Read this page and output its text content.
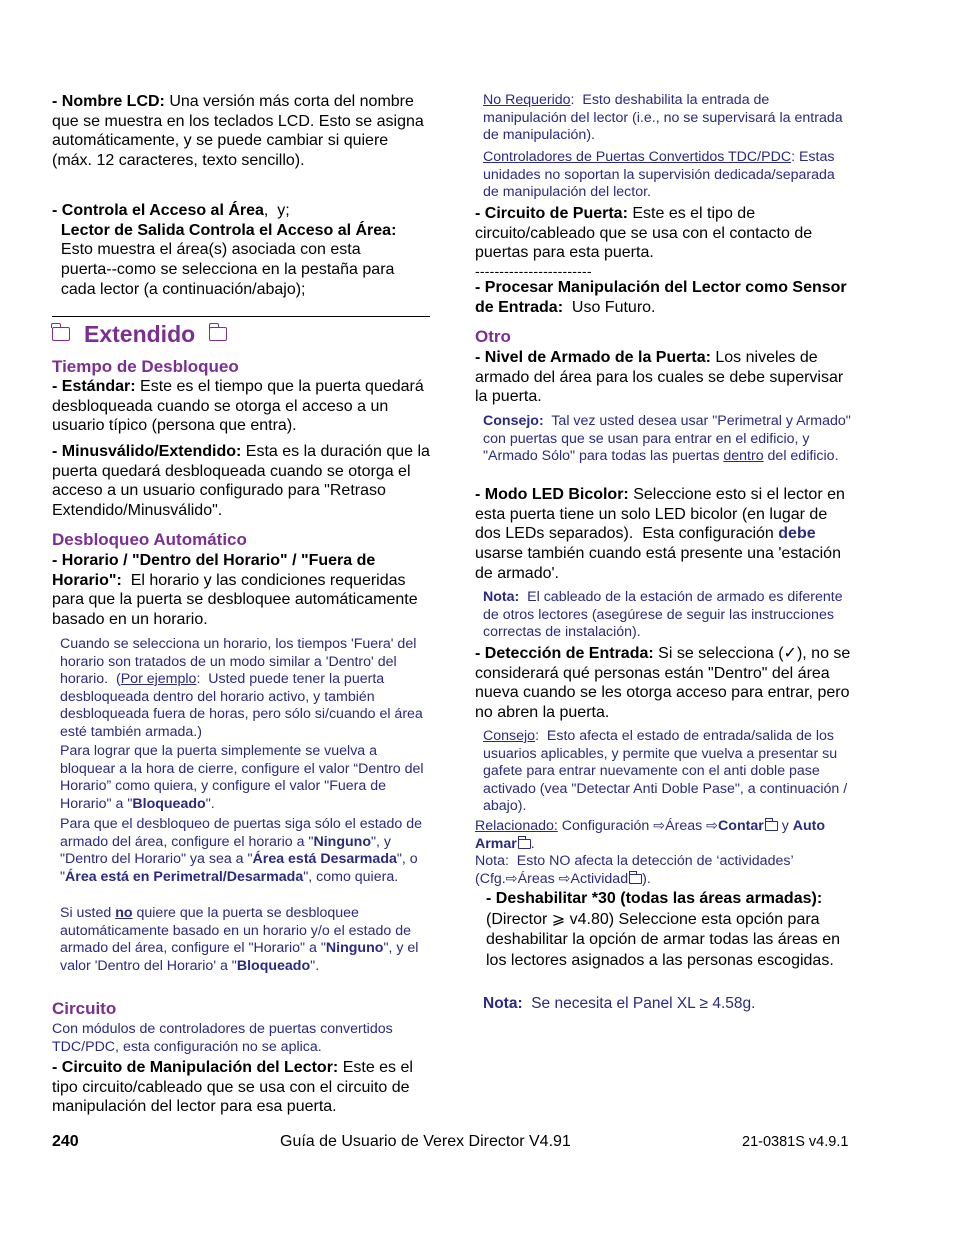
- Nombre LCD: Una versión más corta del nombre que se muestra en los teclados LCD. Esto se asigna automáticamente, y se puede cambiar si quiere (máx. 12 caracteres, texto sencillo).

- Controla el Acceso al Área,  y;
Lector de Salida Controla el Acceso al Área:
Esto muestra el área(s) asociada con esta
puerta--como se selecciona en la pestaña para
cada lector (a continuación/abajo);

Extendido

Tiempo de Desbloqueo

- Estándar: Este es el tiempo que la puerta quedará desbloqueada cuando se otorga el acceso a un usuario típico (persona que entra).

- Minusválido/Extendido: Esta es la duración que la puerta quedará desbloqueada cuando se otorga el acceso a un usuario configurado para "Retraso Extendido/Minusválido".

Desbloqueo Automático

- Horario / "Dentro del Horario" / "Fuera de Horario":  El horario y las condiciones requeridas para que la puerta se desbloquee automáticamente basado en un horario.

Cuando se selecciona un horario, los tiempos 'Fuera' del horario son tratados de un modo similar a 'Dentro' del horario.  (Por ejemplo:  Usted puede tener la puerta desbloqueada dentro del horario activo, y también desbloqueada fuera de horas, pero sólo si/cuando el área esté también armada.)

Para lograr que la puerta simplemente se vuelva a bloquear a la hora de cierre, configure el valor “Dentro del Horario” como quiera, y configure el valor "Fuera de Horario" a "Bloqueado".

Para que el desbloqueo de puertas siga sólo el estado de armado del área, configure el horario a "Ninguno", y "Dentro del Horario" ya sea a "Área está Desarmada", o "Área está en Perimetral/Desarmada", como quiera.

Si usted no quiere que la puerta se desbloquee automáticamente basado en un horario y/o el estado de armado del área, configure el "Horario" a "Ninguno", y el valor 'Dentro del Horario' a "Bloqueado".

Circuito

Con módulos de controladores de puertas convertidos TDC/PDC, esta configuración no se aplica.

- Circuito de Manipulación del Lector: Este es el tipo circuito/cableado que se usa con el circuito de manipulación del lector para esa puerta.

No Requerido:  Esto deshabilita la entrada de manipulación del lector (i.e., no se supervisará la entrada de manipulación).

Controladores de Puertas Convertidos TDC/PDC: Estas unidades no soportan la supervisión dedicada/separada de manipulación del lector.

- Circuito de Puerta: Este es el tipo de circuito/cableado que se usa con el contacto de puertas para esta puerta.

------------------------

- Procesar Manipulación del Lector como Sensor de Entrada:  Uso Futuro.

Otro

- Nivel de Armado de la Puerta: Los niveles de armado del área para los cuales se debe supervisar la puerta.

Consejo:  Tal vez usted desea usar "Perimetral y Armado" con puertas que se usan para entrar en el edificio, y "Armado Sólo" para todas las puertas dentro del edificio.

- Modo LED Bicolor: Seleccione esto si el lector en esta puerta tiene un solo LED bicolor (en lugar de dos LEDs separados).  Esta configuración debe usarse también cuando está presente una 'estación de armado'.

Nota:  El cableado de la estación de armado es diferente de otros lectores (asegúrese de seguir las instrucciones correctas de instalación).

- Detección de Entrada: Si se selecciona (✓), no se considerará qué personas están "Dentro" del área nueva cuando se les otorga acceso para entrar, pero no abren la puerta.

Consejo:  Esto afecta el estado de entrada/salida de los usuarios aplicables, y permite que vuelva a presentar su gafete para entrar nuevamente con el anti doble pase activado (vea "Detectar Anti Doble Pase", a continuación / abajo).

Relacionado: Configuración ⇨Áreas ⇨Contar y Auto Armar .
Nota:  Esto NO afecta la detección de ‘actividades’ (Cfg.⇨Áreas ⇨Actividad ).

- Deshabilitar *30 (todas las áreas armadas): (Director ⩾ v4.80) Seleccione esta opción para deshabilitar la opción de armar todas las áreas en los lectores asignados a las personas escogidas.

Nota:  Se necesita el Panel XL ≥ 4.58g.

240	Guía de Usuario de Verex Director V4.91	21-0381S v4.9.1
